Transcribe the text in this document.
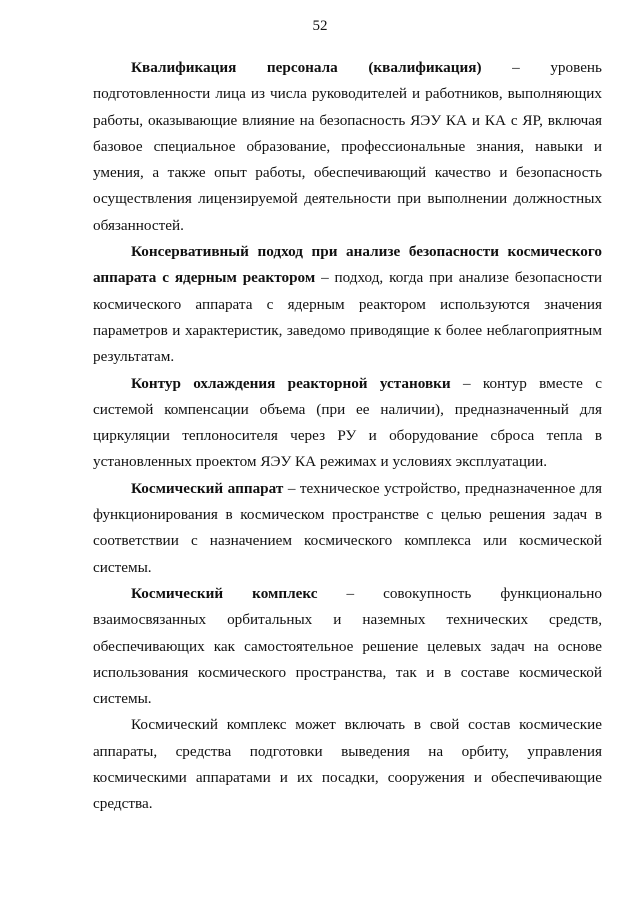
52

Квалификация персонала (квалификация) – уровень подготовленности лица из числа руководителей и работников, выполняющих работы, оказывающие влияние на безопасность ЯЭУ КА и КА с ЯР, включая базовое специальное образование, профессиональные знания, навыки и умения, а также опыт работы, обеспечивающий качество и безопасность осуществления лицензируемой деятельности при выполнении должностных обязанностей.

Консервативный подход при анализе безопасности космического аппарата с ядерным реактором – подход, когда при анализе безопасности космического аппарата с ядерным реактором используются значения параметров и характеристик, заведомо приводящие к более неблагоприятным результатам.

Контур охлаждения реакторной установки – контур вместе с системой компенсации объема (при ее наличии), предназначенный для циркуляции теплоносителя через РУ и оборудование сброса тепла в установленных проектом ЯЭУ КА режимах и условиях эксплуатации.

Космический аппарат – техническое устройство, предназначенное для функционирования в космическом пространстве с целью решения задач в соответствии с назначением космического комплекса или космической системы.

Космический комплекс – совокупность функционально взаимосвязанных орбитальных и наземных технических средств, обеспечивающих как самостоятельное решение целевых задач на основе использования космического пространства, так и в составе космической системы.

Космический комплекс может включать в свой состав космические аппараты, средства подготовки выведения на орбиту, управления космическими аппаратами и их посадки, сооружения и обеспечивающие средства.
